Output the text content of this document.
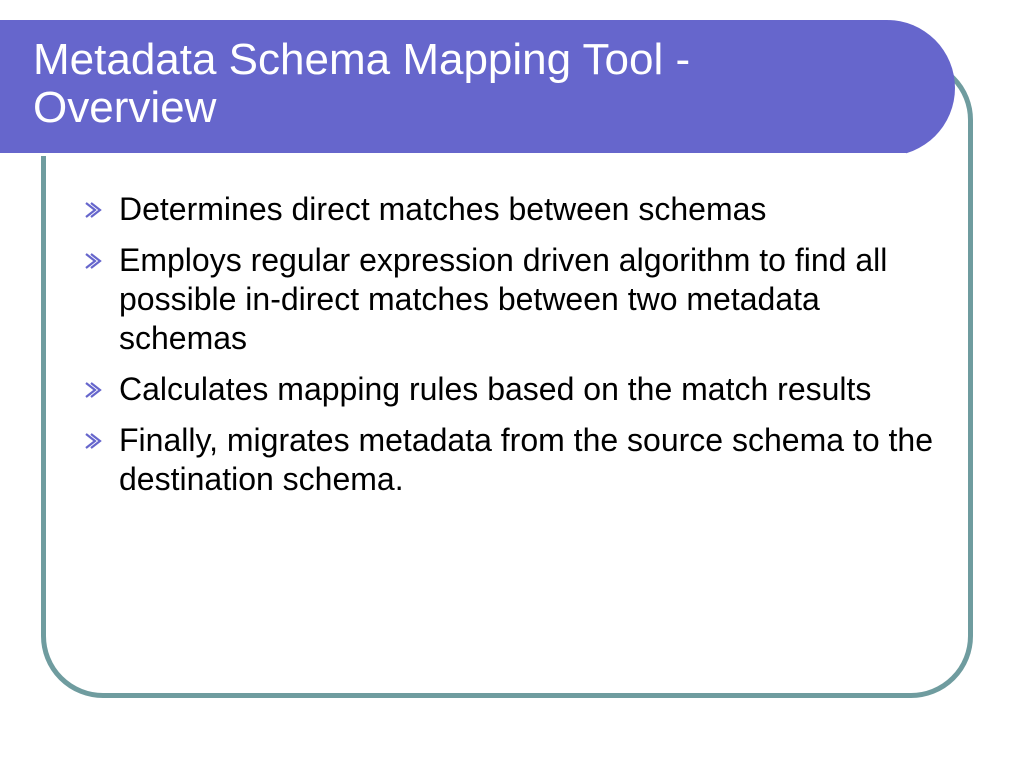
Metadata Schema Mapping Tool -
Overview
Determines direct matches between schemas
Employs regular expression driven algorithm to find all possible in-direct matches between two metadata schemas
Calculates mapping rules based on the match results
Finally, migrates metadata from the source schema to the destination schema.
